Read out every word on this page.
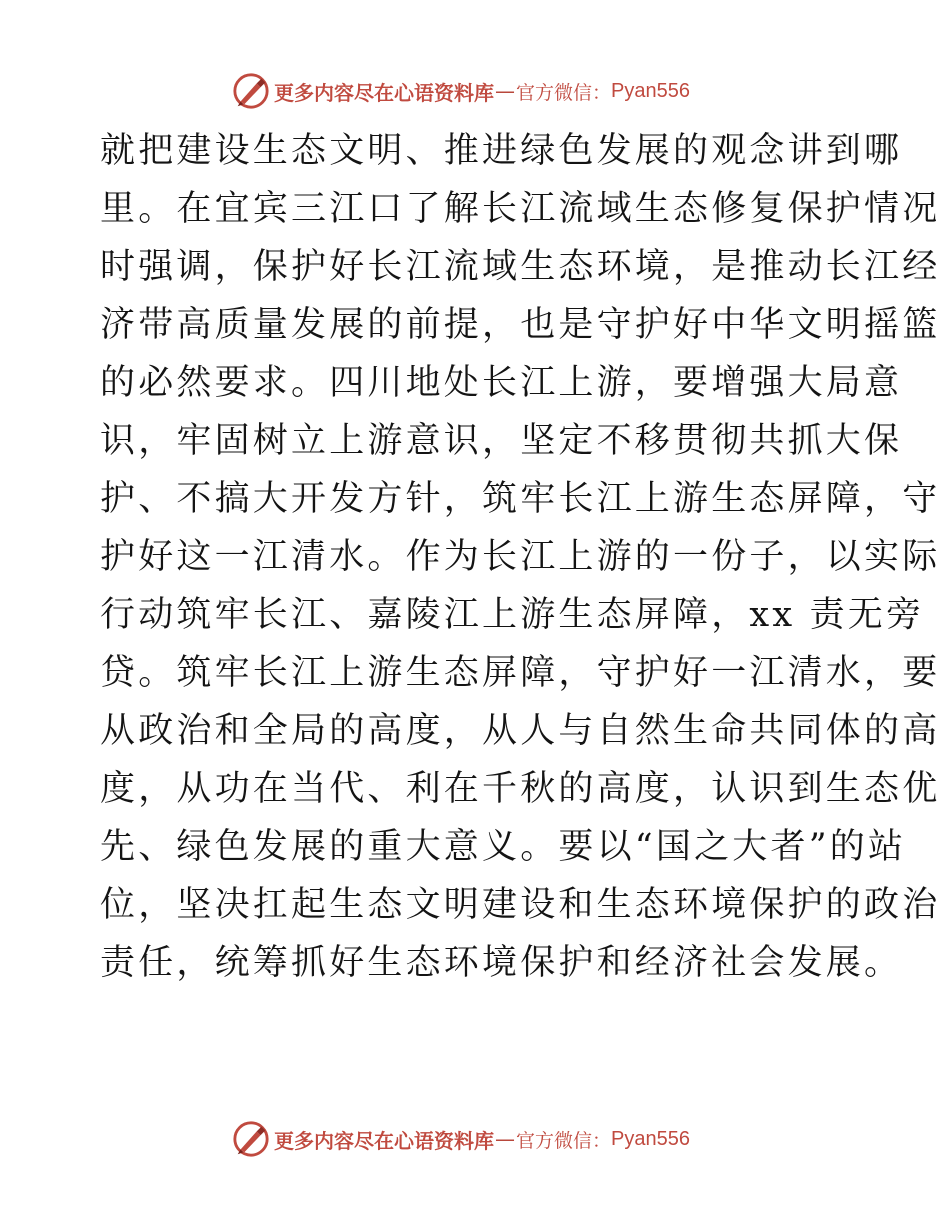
更多内容尽在心语资料库 — 官方微信： Pyan556
就把建设生态文明、推进绿色发展的观念讲到哪
里。在宜宾三江口了解长江流域生态修复保护情况
时强调，保护好长江流域生态环境，是推动长江经
济带高质量发展的前提，也是守护好中华文明摇篮
的必然要求。四川地处长江上游，要增强大局意
识，牢固树立上游意识，坚定不移贯彻共抓大保
护、不搞大开发方针，筑牢长江上游生态屏障，守
护好这一江清水。作为长江上游的一份子，以实际
行动筑牢长江、嘉陵江上游生态屏障，xx 责无旁
贷。筑牢长江上游生态屏障，守护好一江清水，要
从政治和全局的高度，从人与自然生命共同体的高
度，从功在当代、利在千秋的高度，认识到生态优
先、绿色发展的重大意义。要以“国之大者”的站
位，坚决扛起生态文明建设和生态环境保护的政治
责任，统筹抓好生态环境保护和经济社会发展。
更多内容尽在心语资料库 — 官方微信： Pyan556
